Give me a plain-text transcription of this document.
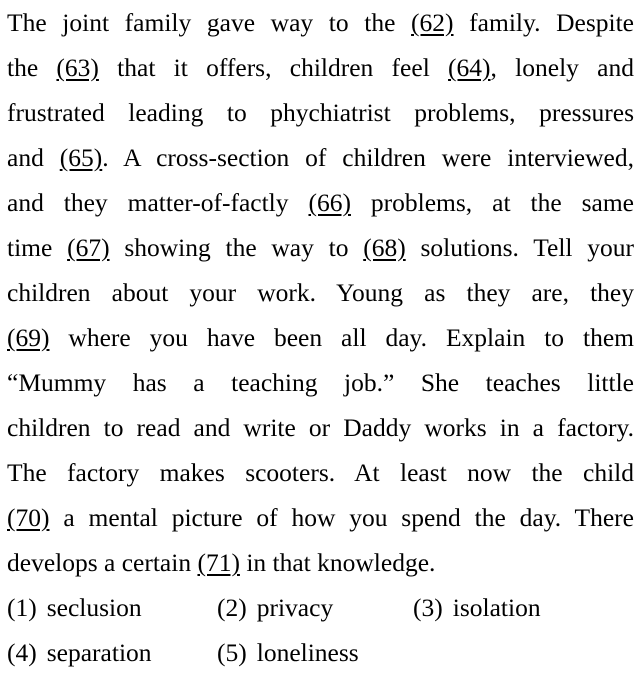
The joint family gave way to the (62) family. Despite
the (63) that it offers, children feel (64), lonely and
frustrated leading to phychiatrist problems, pressures
and (65). A cross-section of children were interviewed,
and they matter-of-factly (66) problems, at the same
time (67) showing the way to (68) solutions. Tell your
children about your work. Young as they are, they
(69) where you have been all day. Explain to them
“Mummy has a teaching job.” She teaches little
children to read and write or Daddy works in a factory.
The factory makes scooters. At least now the child
(70) a mental picture of how you spend the day. There
develops a certain (71) in that knowledge.
(1) seclusion	(2) privacy	(3) isolation
(4) separation	(5) loneliness
